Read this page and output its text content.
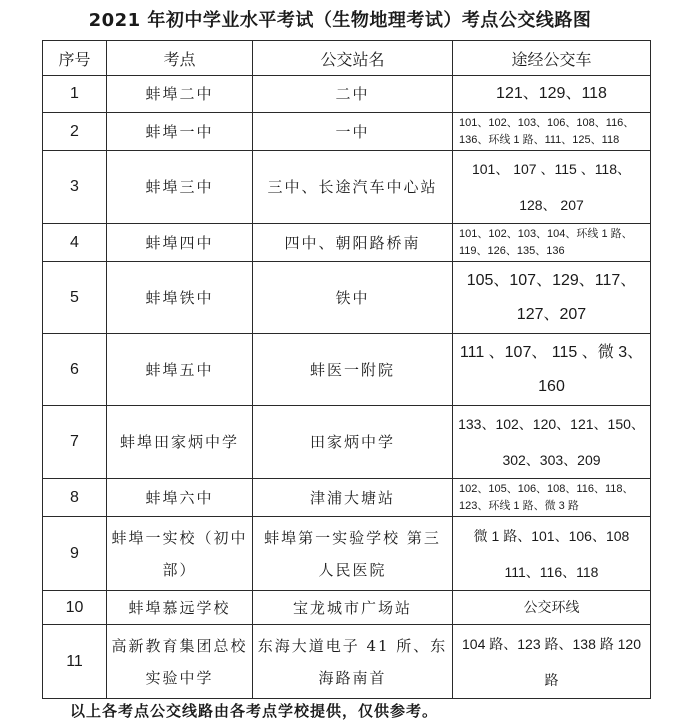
2021 年初中学业水平考试（生物地理考试）考点公交线路图
序号	考点	公交站名	途经公交车
1	蚌埠二中	二中	121、129、118
2	蚌埠一中	一中	101、102、103、106、108、116、136、环线 1 路、111、125、118
3	蚌埠三中	三中、长途汽车中心站	101、 107 、115 、118、 128、 207
4	蚌埠四中	四中、朝阳路桥南	101、102、103、104、环线 1 路、119、126、135、136
5	蚌埠铁中	铁中	105、107、129、117、127、207
6	蚌埠五中	蚌医一附院	111 、107、 115 、微 3、160
7	蚌埠田家炳中学	田家炳中学	133、102、120、121、150、302、303、209
8	蚌埠六中	津浦大塘站	102、105、106、108、116、118、123、环线 1 路、微 3 路
9	蚌埠一实校（初中部）	蚌埠第一实验学校 第三人民医院	微 1 路、101、106、108 111、116、118
10	蚌埠慕远学校	宝龙城市广场站	公交环线
11	高新教育集团总校实验中学	东海大道电子 41 所、东海路南首	104 路、123 路、138 路 120 路
以上各考点公交线路由各考点学校提供，仅供参考。
